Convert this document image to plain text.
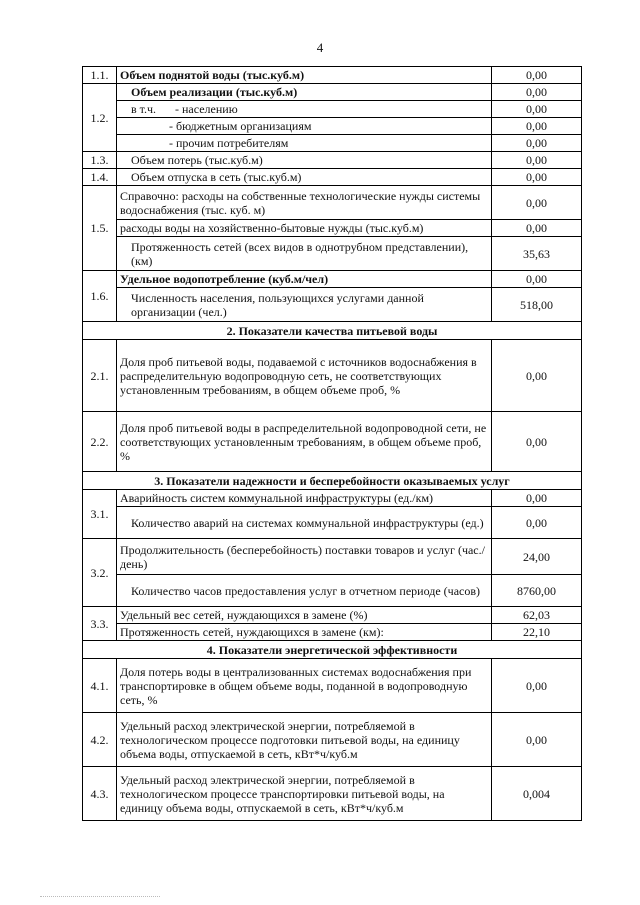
4
1.1.	Объем поднятой воды (тыс.куб.м)	0,00
1.2.	Объем реализации (тыс.куб.м)	0,00
	в т.ч. - населению	0,00
	- бюджетным организациям	0,00
	- прочим потребителям	0,00
1.3.	Объем потерь (тыс.куб.м)	0,00
1.4.	Объем отпуска в сеть (тыс.куб.м)	0,00
1.5.	Справочно: расходы на собственные технологические нужды системы водоснабжения (тыс. куб. м)	0,00
	расходы воды на хозяйственно-бытовые нужды (тыс.куб.м)	0,00
	Протяженность сетей (всех видов в однотрубном представлении), (км)	35,63
1.6.	Удельное водопотребление (куб.м/чел)	0,00
	Численность населения, пользующихся услугами данной организации (чел.)	518,00
2. Показатели качества питьевой воды		
2.1.	Доля проб питьевой воды, подаваемой с источников водоснабжения в распределительную водопроводную сеть, не соответствующих установленным требованиям, в общем объеме проб, %	0,00
2.2.	Доля проб питьевой воды в распределительной водопроводной сети, не соответствующих установленным требованиям, в общем объеме проб, %	0,00
3. Показатели надежности и бесперебойности оказываемых услуг		
3.1.	Аварийность систем коммунальной инфраструктуры (ед./км)	0,00
	Количество аварий на системах коммунальной инфраструктуры (ед.)	0,00
3.2.	Продолжительность (бесперебойность) поставки товаров и услуг (час./день)	24,00
	Количество часов предоставления услуг в отчетном периоде (часов)	8760,00
3.3.	Удельный вес сетей, нуждающихся в замене (%)	62,03
	Протяженность сетей, нуждающихся в замене (км):	22,10
4. Показатели энергетической эффективности		
4.1.	Доля потерь воды в централизованных системах водоснабжения при транспортировке в общем объеме воды, поданной в водопроводную сеть, %	0,00
4.2.	Удельный расход электрической энергии, потребляемой в технологическом процессе подготовки питьевой воды, на единицу объема воды, отпускаемой в сеть, кВт*ч/куб.м	0,00
4.3.	Удельный расход электрической энергии, потребляемой в технологическом процессе транспортировки питьевой воды, на единицу объема воды, отпускаемой в сеть, кВт*ч/куб.м	0,004
